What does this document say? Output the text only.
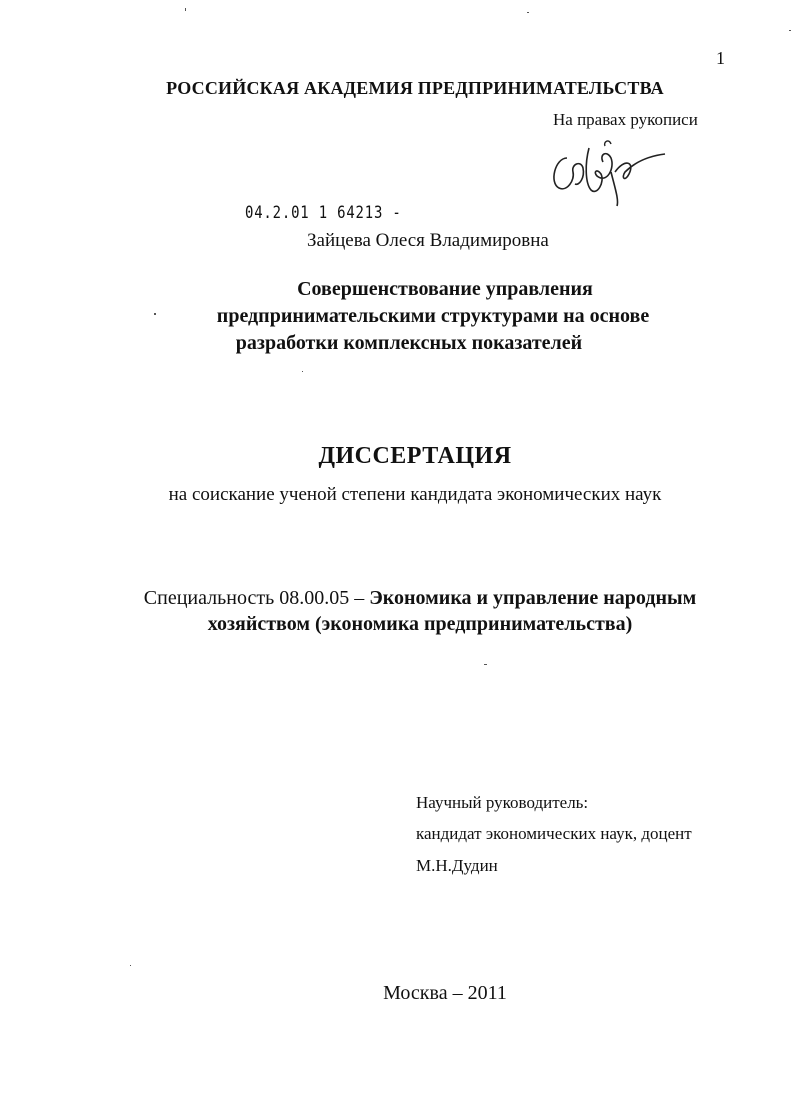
1
РОССИЙСКАЯ АКАДЕМИЯ ПРЕДПРИНИМАТЕЛЬСТВА
На правах рукописи
04.2.01 1 64213 -
Зайцева Олеся Владимировна
Совершенствование управления
предпринимательскими структурами на основе
разработки комплексных показателей
ДИССЕРТАЦИЯ
на соискание ученой степени кандидата экономических наук
Специальность 08.00.05 – Экономика и управление народным
хозяйством (экономика предпринимательства)
Научный руководитель:
кандидат экономических наук, доцент
М.Н.Дудин
Москва – 2011
